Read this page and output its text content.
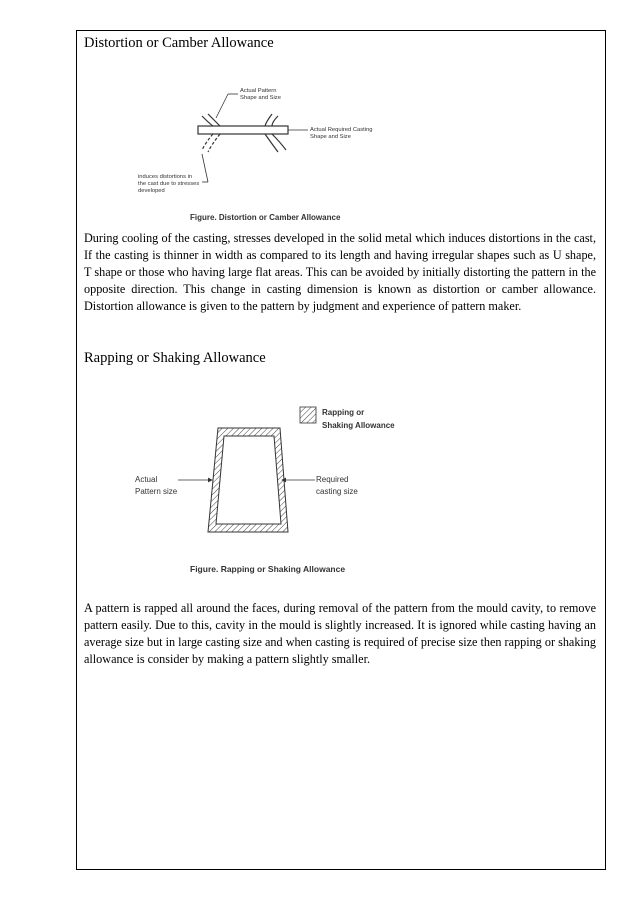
Distortion or Camber Allowance
Actual Pattern
Shape and Size
Actual Required Casting
Shape and Size
induces distortions in
the cast due to stresses
developed
Figure. Distortion or Camber Allowance
During cooling of the casting, stresses developed in the solid metal which induces distortions in the cast, If the casting is thinner in width as compared to its length and having irregular shapes such as U shape, T shape or those who having large flat areas. This can be avoided by initially distorting the pattern in the opposite direction. This change in casting dimension is known as distortion or camber allowance. Distortion allowance is given to the pattern by judgment and experience of pattern maker.
Rapping or Shaking Allowance
Rapping or
Shaking Allowance
Actual
Pattern size
Required
casting size
Figure. Rapping or Shaking Allowance
A pattern is rapped all around the faces, during removal of the pattern from the mould cavity, to remove pattern easily. Due to this, cavity in the mould is slightly increased. It is ignored while casting having an average size but in large casting size and when casting is required of precise size then rapping or shaking allowance is consider by making a pattern slightly smaller.
